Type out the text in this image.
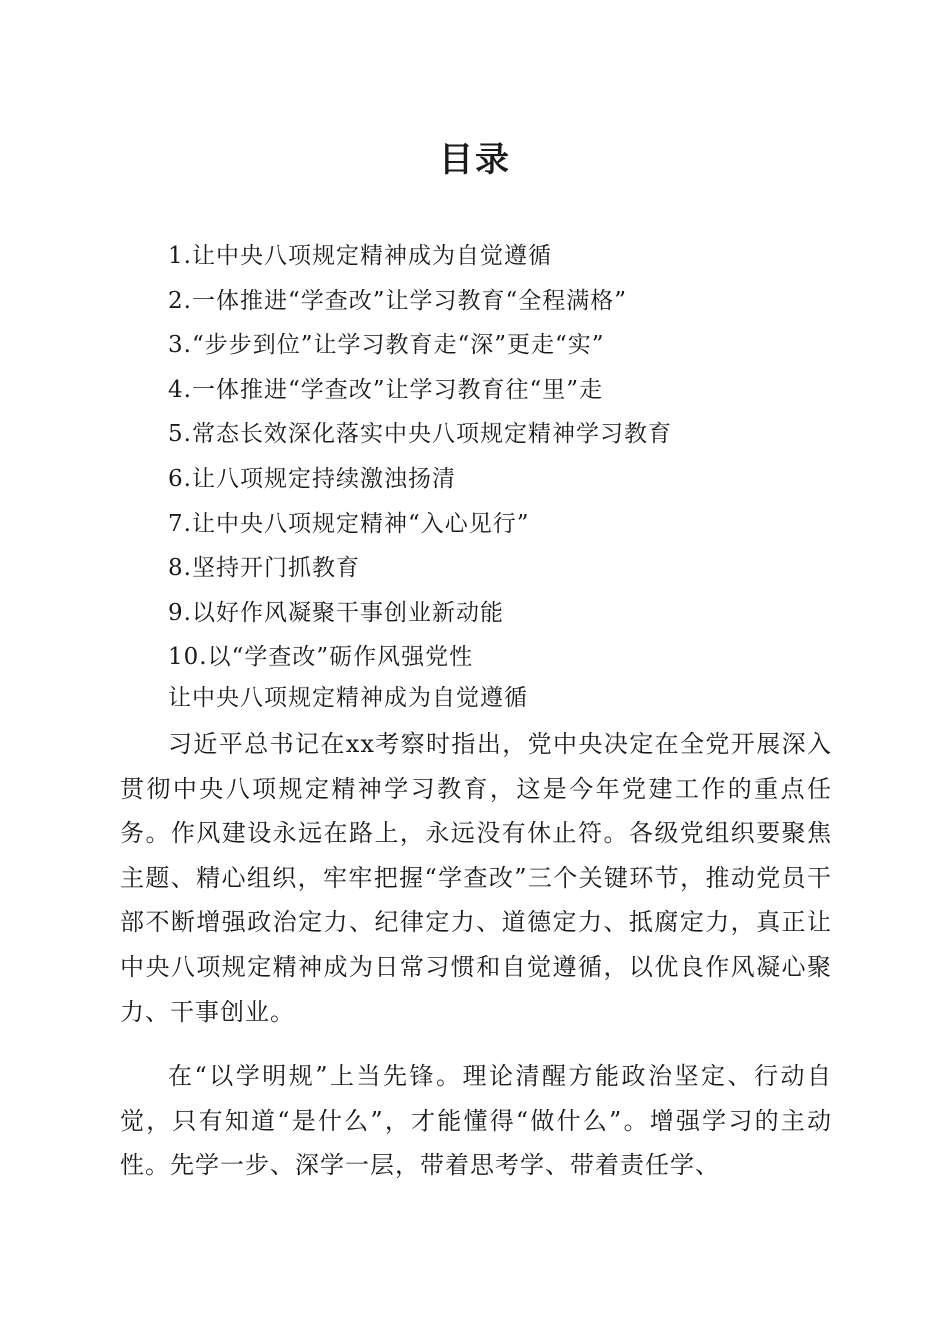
目录
1.让中央八项规定精神成为自觉遵循
2.一体推进“学查改”让学习教育“全程满格”
3.“步步到位”让学习教育走“深”更走“实”
4.一体推进“学查改”让学习教育往“里”走
5.常态长效深化落实中央八项规定精神学习教育
6.让八项规定持续激浊扬清
7.让中央八项规定精神“入心见行”
8.坚持开门抓教育
9.以好作风凝聚干事创业新动能
10.以“学查改”砺作风强党性
让中央八项规定精神成为自觉遵循

习近平总书记在xx考察时指出，党中央决定在全党开展深入贯彻中央八项规定精神学习教育，这是今年党建工作的重点任务。作风建设永远在路上，永远没有休止符。各级党组织要聚焦主题、精心组织，牢牢把握“学查改”三个关键环节，推动党员干部不断增强政治定力、纪律定力、道德定力、抵腐定力，真正让中央八项规定精神成为日常习惯和自觉遵循，以优良作风凝心聚力、干事创业。

在“以学明规”上当先锋。理论清醒方能政治坚定、行动自觉，只有知道“是什么”，才能懂得“做什么”。增强学习的主动性。先学一步、深学一层，带着思考学、带着责任学、
